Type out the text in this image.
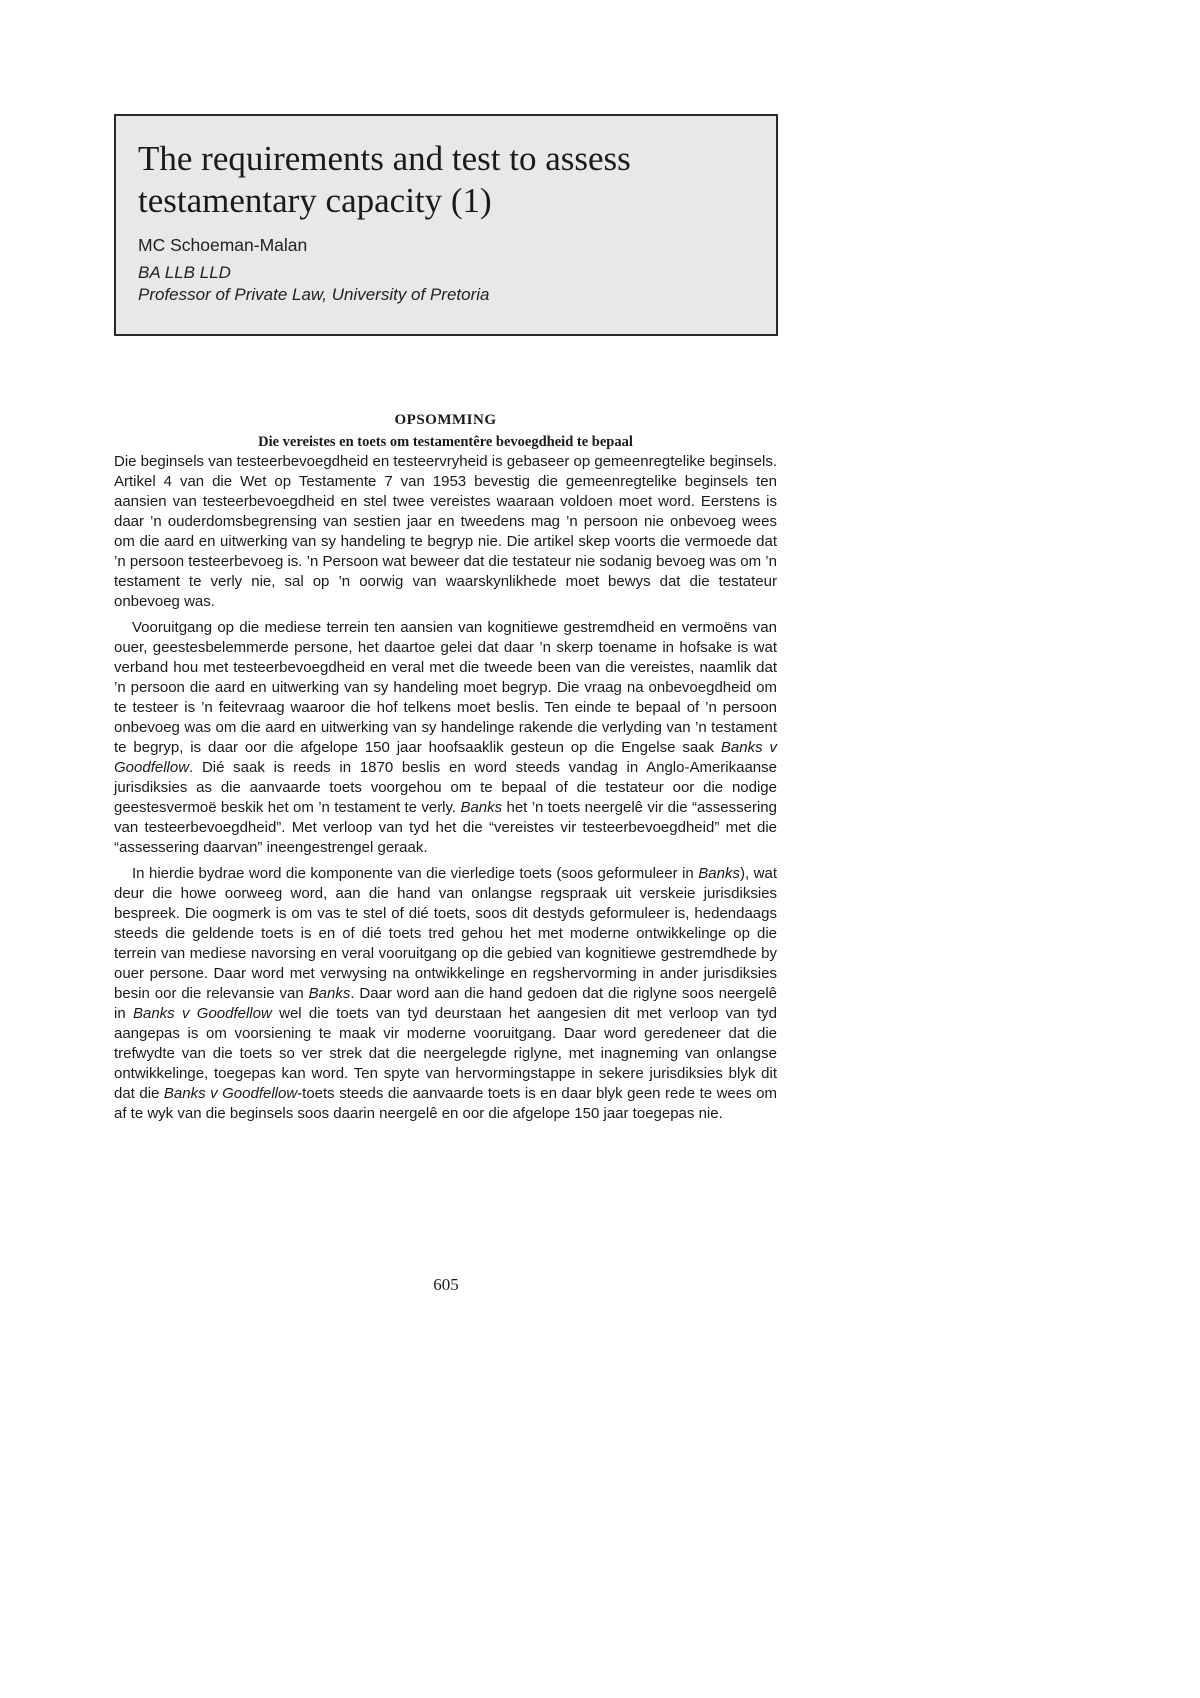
The requirements and test to assess
testamentary capacity (1)
MC Schoeman-Malan
BA LLB LLD
Professor of Private Law, University of Pretoria
OPSOMMING
Die vereistes en toets om testamentêre bevoegdheid te bepaal

Die beginsels van testeerbevoegdheid en testeervryheid is gebaseer op gemeenregtelike beginsels. Artikel 4 van die Wet op Testamente 7 van 1953 bevestig die gemeenregtelike beginsels ten aansien van testeerbevoegdheid en stel twee vereistes waaraan voldoen moet word. Eerstens is daar ’n ouderdomsbegrensing van sestien jaar en tweedens mag ’n persoon nie onbevoeg wees om die aard en uitwerking van sy handeling te begryp nie. Die artikel skep voorts die vermoede dat ’n persoon testeerbevoeg is. ’n Persoon wat beweer dat die testateur nie sodanig bevoeg was om ’n testament te verly nie, sal op ’n oorwig van waarskynlikhede moet bewys dat die testateur onbevoeg was.

Vooruitgang op die mediese terrein ten aansien van kognitiewe gestremdheid en vermoëns van ouer, geestesbelemmerde persone, het daartoe gelei dat daar ’n skerp toename in hofsake is wat verband hou met testeerbevoegdheid en veral met die tweede been van die vereistes, naamlik dat ’n persoon die aard en uitwerking van sy handeling moet begryp. Die vraag na onbevoegdheid om te testeer is ’n feitevraag waaroor die hof telkens moet beslis. Ten einde te bepaal of ’n persoon onbevoeg was om die aard en uitwerking van sy handelinge rakende die verlyding van ’n testament te begryp, is daar oor die afgelope 150 jaar hoofsaaklik gesteun op die Engelse saak Banks v Goodfellow. Dié saak is reeds in 1870 beslis en word steeds vandag in Anglo-Amerikaanse jurisdiksies as die aanvaarde toets voorgehou om te bepaal of die testateur oor die nodige geestesvermoë beskik het om ’n testament te verly. Banks het ’n toets neergelê vir die “assessering van testeerbevoegdheid”. Met verloop van tyd het die “vereistes vir testeerbevoegdheid” met die “assessering daarvan” ineengestrengel geraak.

In hierdie bydrae word die komponente van die vierledige toets (soos geformuleer in Banks), wat deur die howe oorweeg word, aan die hand van onlangse regspraak uit verskeie jurisdiksies bespreek. Die oogmerk is om vas te stel of dié toets, soos dit destyds geformuleer is, hedendaags steeds die geldende toets is en of dié toets tred gehou het met moderne ontwikkelinge op die terrein van mediese navorsing en veral vooruitgang op die gebied van kognitiewe gestremdhede by ouer persone. Daar word met verwysing na ontwikkelinge en regshervorming in ander jurisdiksies besin oor die relevansie van Banks. Daar word aan die hand gedoen dat die riglyne soos neergelê in Banks v Goodfellow wel die toets van tyd deurstaan het aangesien dit met verloop van tyd aangepas is om voorsiening te maak vir moderne vooruitgang. Daar word geredeneer dat die trefwydte van die toets so ver strek dat die neergelegde riglyne, met inagneming van onlangse ontwikkelinge, toegepas kan word. Ten spyte van hervormingstappe in sekere jurisdiksies blyk dit dat die Banks v Goodfellow-toets steeds die aanvaarde toets is en daar blyk geen rede te wees om af te wyk van die beginsels soos daarin neergelê en oor die afgelope 150 jaar toegepas nie.

605
